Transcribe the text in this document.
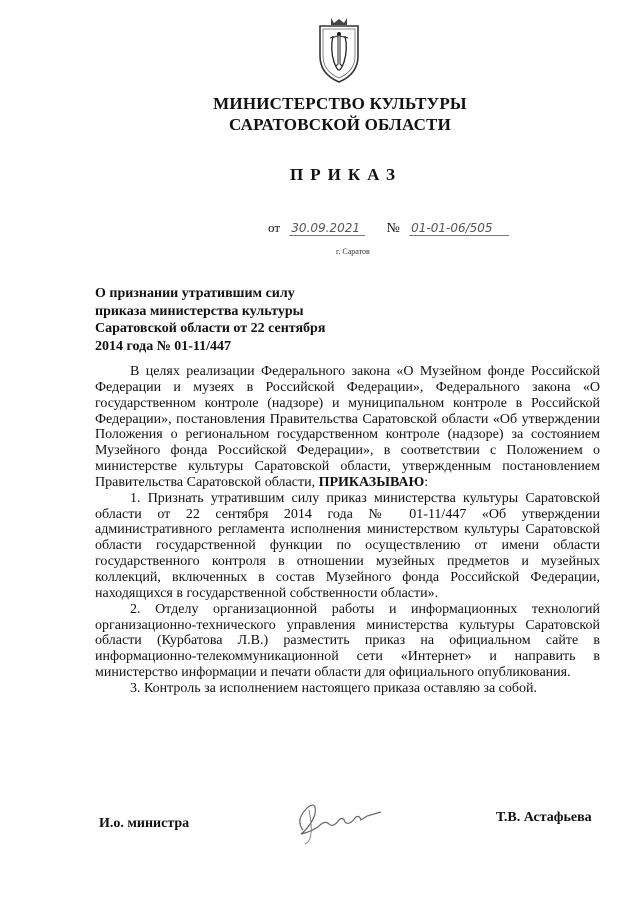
МИНИСТЕРСТВО КУЛЬТУРЫ
САРАТОВСКОЙ ОБЛАСТИ
ПРИКАЗ
от 30.09.2021 № 01-01-06/505
г. Саратов
О признании утратившим силу
приказа министерства культуры
Саратовской области от 22 сентября
2014 года № 01-11/447

В целях реализации Федерального закона «О Музейном фонде Российской Федерации и музеях в Российской Федерации», Федерального закона «О государственном контроле (надзоре) и муниципальном контроле в Российской Федерации», постановления Правительства Саратовской области «Об утверждении Положения о региональном государственном контроле (надзоре) за состоянием Музейного фонда Российской Федерации», в соответствии с Положением о министерстве культуры Саратовской области, утвержденным постановлением Правительства Саратовской области, ПРИКАЗЫВАЮ:

1. Признать утратившим силу приказ министерства культуры Саратовской области от 22 сентября 2014 года № 01-11/447 «Об утверждении административного регламента исполнения министерством культуры Саратовской области государственной функции по осуществлению от имени области государственного контроля в отношении музейных предметов и музейных коллекций, включенных в состав Музейного фонда Российской Федерации, находящихся в государственной собственности области».

2. Отделу организационной работы и информационных технологий организационно-технического управления министерства культуры Саратовской области (Курбатова Л.В.) разместить приказ на официальном сайте в информационно-телекоммуникационной сети «Интернет» и направить в министерство информации и печати области для официального опубликования.

3. Контроль за исполнением настоящего приказа оставляю за собой.

И.о. министра	Т.В. Астафьева
